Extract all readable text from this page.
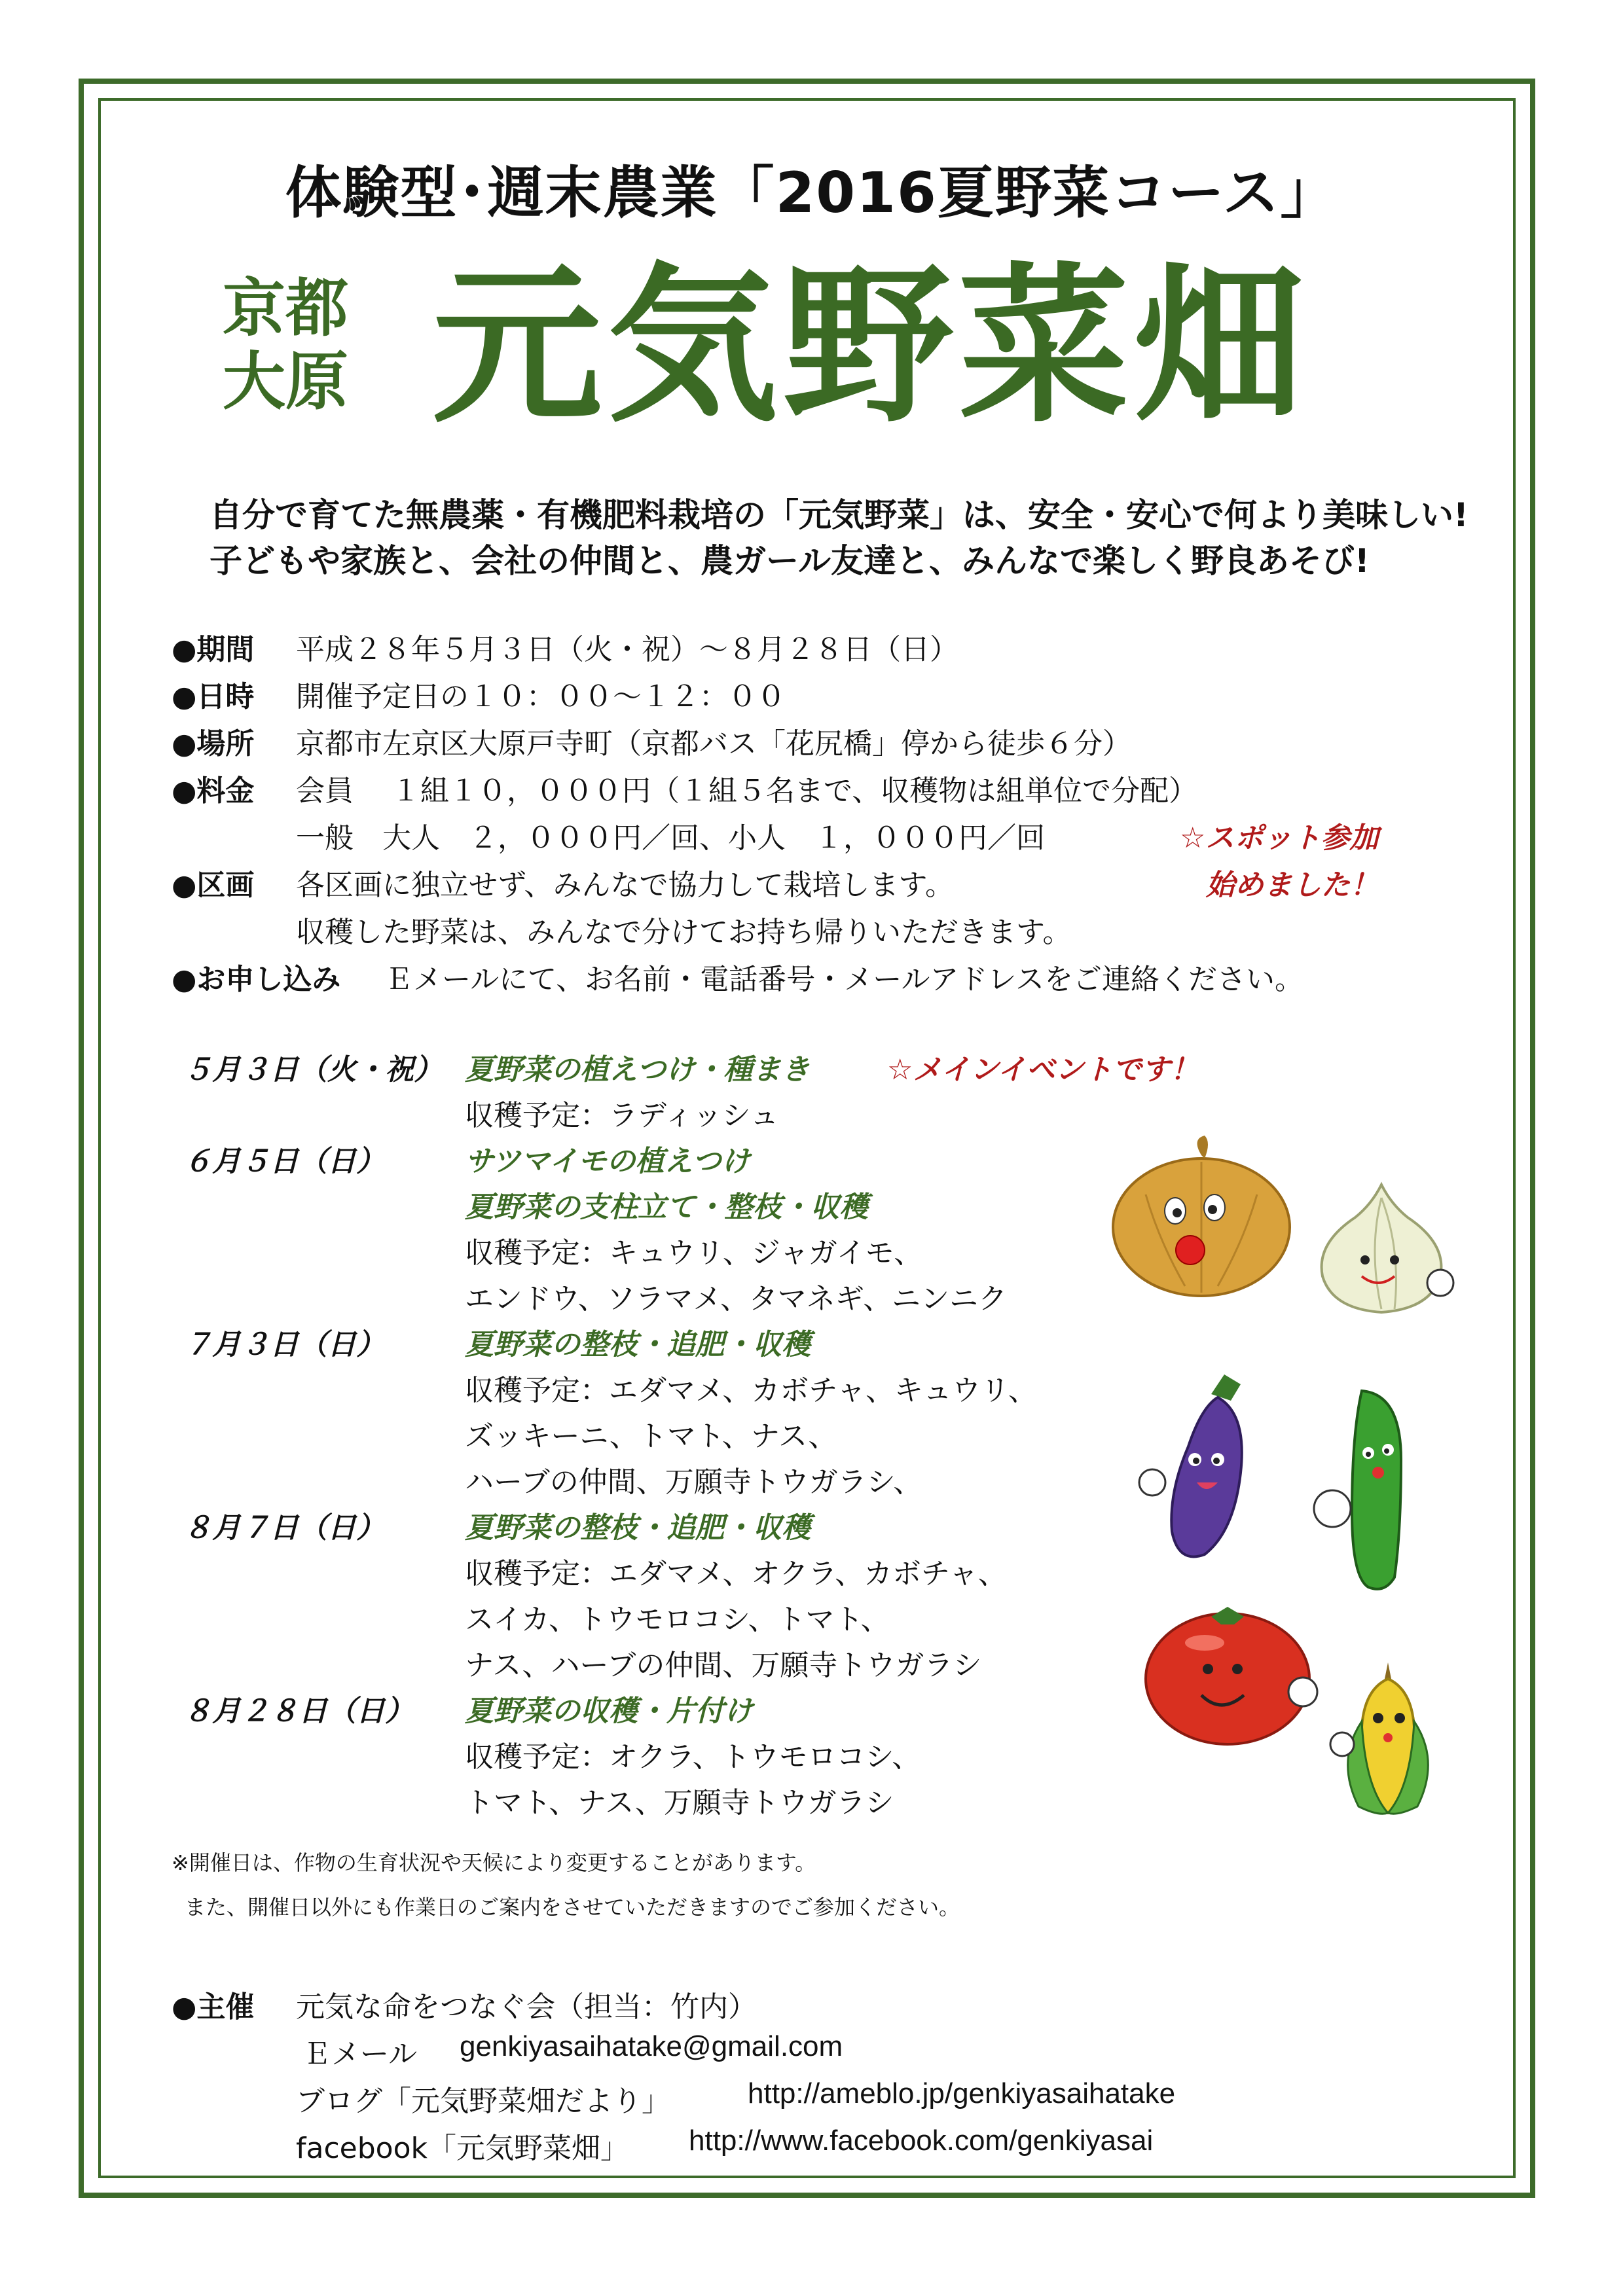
体験型･週末農業「2016夏野菜コース」
京都
大原 元気野菜畑
自分で育てた無農薬・有機肥料栽培の「元気野菜」は、安全・安心で何より美味しい!
子どもや家族と、会社の仲間と、農ガール友達と、みんなで楽しく野良あそび!
●期間 平成２８年５月３日（火・祝）～８月２８日（日）
●日時 開催予定日の１０：００～１２：００
●場所 京都市左京区大原戸寺町（京都バス「花尻橋」停から徒歩６分）
●料金 会員　 １組１０，０００円（１組５名まで、収穫物は組単位で分配）
一般　大人　２，０００円／回、小人　１，０００円／回	☆スポット参加
●区画 各区画に独立せず、みんなで協力して栽培します。	始めました！
収穫した野菜は、みんなで分けてお持ち帰りいただきます。
●お申し込み Ｅメールにて、お名前・電話番号・メールアドレスをご連絡ください。
５月３日（火・祝） 夏野菜の植えつけ・種まき	☆メインイベントです！
収穫予定：ラディッシュ
６月５日（日）	サツマイモの植えつけ
夏野菜の支柱立て・整枝・収穫
収穫予定：キュウリ、ジャガイモ、
エンドウ、ソラマメ、タマネギ、ニンニク
７月３日（日）	夏野菜の整枝・追肥・収穫
収穫予定：エダマメ、カボチャ、キュウリ、
ズッキーニ、トマト、ナス、
ハーブの仲間、万願寺トウガラシ、
８月７日（日）	夏野菜の整枝・追肥・収穫
収穫予定：エダマメ、オクラ、カボチャ、
スイカ、トウモロコシ、トマト、
ナス、ハーブの仲間、万願寺トウガラシ
８月２８日（日） 夏野菜の収穫・片付け
収穫予定：オクラ、トウモロコシ、
トマト、ナス、万願寺トウガラシ
※開催日は、作物の生育状況や天候により変更することがあります。
また、開催日以外にも作業日のご案内をさせていただきますのでご参加ください。
●主催 元気な命をつなぐ会（担当：竹内）
Ｅメール genkiyasaihatake@gmail.com
ブログ「元気野菜畑だより」	http://ameblo.jp/genkiyasaihatake
facebook「元気野菜畑」 http://www.facebook.com/genkiyasai
